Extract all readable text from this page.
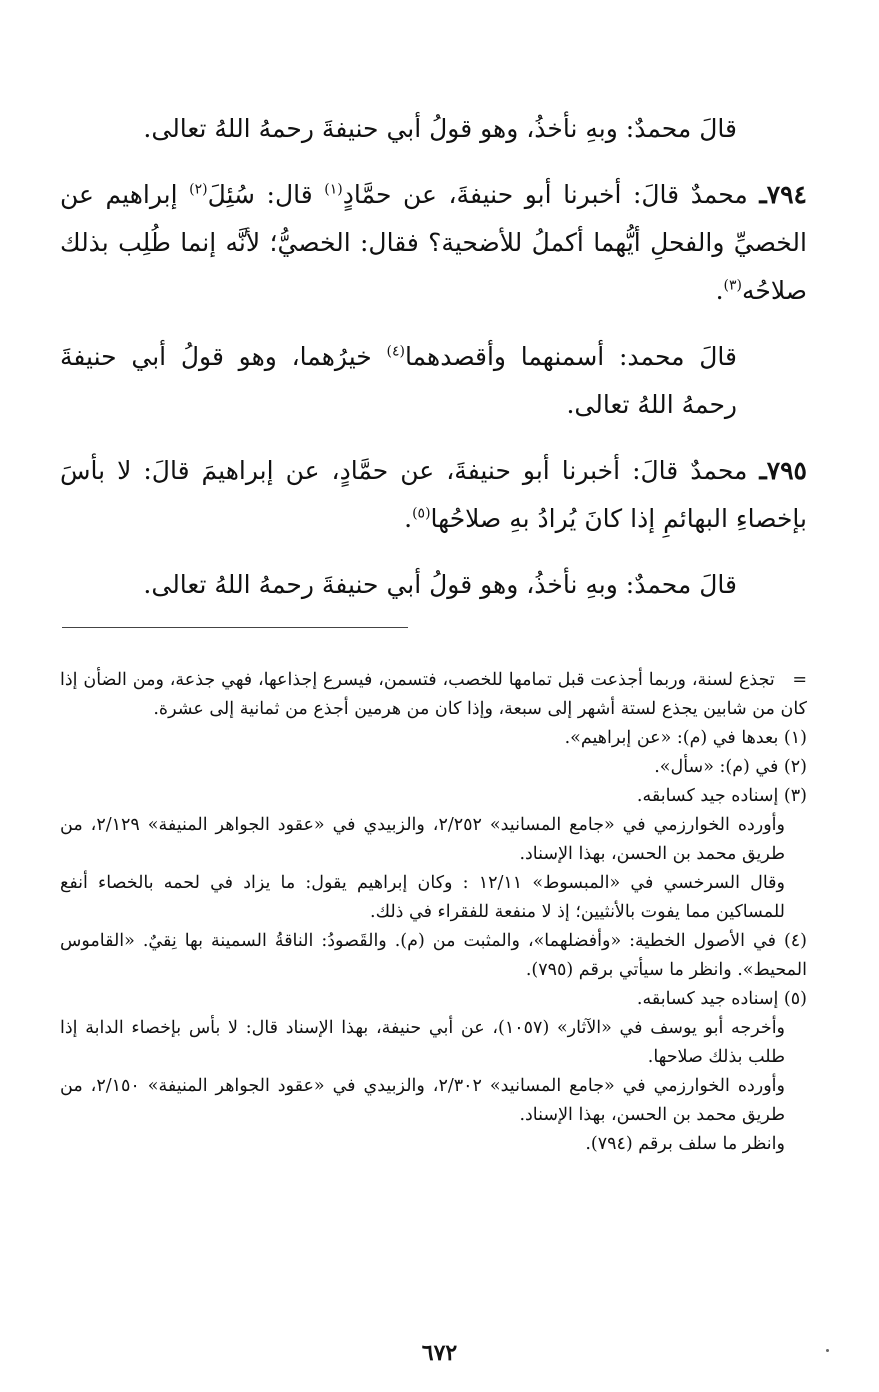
قالَ محمدٌ: وبهِ نأخذُ، وهو قولُ أبي حنيفةَ رحمهُ اللهُ تعالى.

٧٩٤ـ محمدٌ قالَ: أخبرنا أبو حنيفةَ، عن حمَّادٍ$^{(١)}$ قال: سُئِلَ$^{(٢)}$ إبراهيم عن الخصيِّ والفحلِ أيُّهما أكملُ للأضحية؟ فقال: الخصيُّ؛ لأنَّه إنما طُلِب بذلك صلاحُه$^{(٣)}$.

قالَ محمد: أسمنهما وأقصدهما$^{(٤)}$ خيرُهما، وهو قولُ أبي حنيفةَ رحمهُ اللهُ تعالى.

٧٩٥ـ محمدٌ قالَ: أخبرنا أبو حنيفةَ، عن حمَّادٍ، عن إبراهيمَ قالَ: لا بأسَ بإخصاءِ البهائمِ إذا كانَ يُرادُ بهِ صلاحُها$^{(٥)}$.

قالَ محمدٌ: وبهِ نأخذُ، وهو قولُ أبي حنيفةَ رحمهُ اللهُ تعالى.

=   تجذع لسنة، وربما أجذعت قبل تمامها للخصب، فتسمن، فيسرع إجذاعها، فهي جذعة، ومن الضأن إذا كان من شابين يجذع لستة أشهر إلى سبعة، وإذا كان من هرمين أجذع من ثمانية إلى عشرة.

(١) بعدها في (م): «عن إبراهيم».

(٢) في (م): «سأل».

(٣) إسناده جيد كسابقه.

وأورده الخوارزمي في «جامع المسانيد» ٢/٢٥٢، والزبيدي في «عقود الجواهر المنيفة» ٢/١٢٩، من طريق محمد بن الحسن، بهذا الإسناد.

وقال السرخسي في «المبسوط» ١٢/١١ : وكان إبراهيم يقول: ما يزاد في لحمه بالخصاء أنفع للمساكين مما يفوت بالأنثيين؛ إذ لا منفعة للفقراء في ذلك.

(٤) في الأصول الخطية: «وأفضلهما»، والمثبت من (م). والقَصودُ: الناقةُ السمينة بها نِقيٌ. «القاموس المحيط». وانظر ما سيأتي برقم (٧٩٥).

(٥) إسناده جيد كسابقه.

وأخرجه أبو يوسف في «الآثار» (١٠٥٧)، عن أبي حنيفة، بهذا الإسناد قال: لا بأس بإخصاء الدابة إذا طلب بذلك صلاحها.

وأورده الخوارزمي في «جامع المسانيد» ٢/٣٠٢، والزبيدي في «عقود الجواهر المنيفة» ٢/١٥٠، من طريق محمد بن الحسن، بهذا الإسناد.

وانظر ما سلف برقم (٧٩٤).

٦٧٢
